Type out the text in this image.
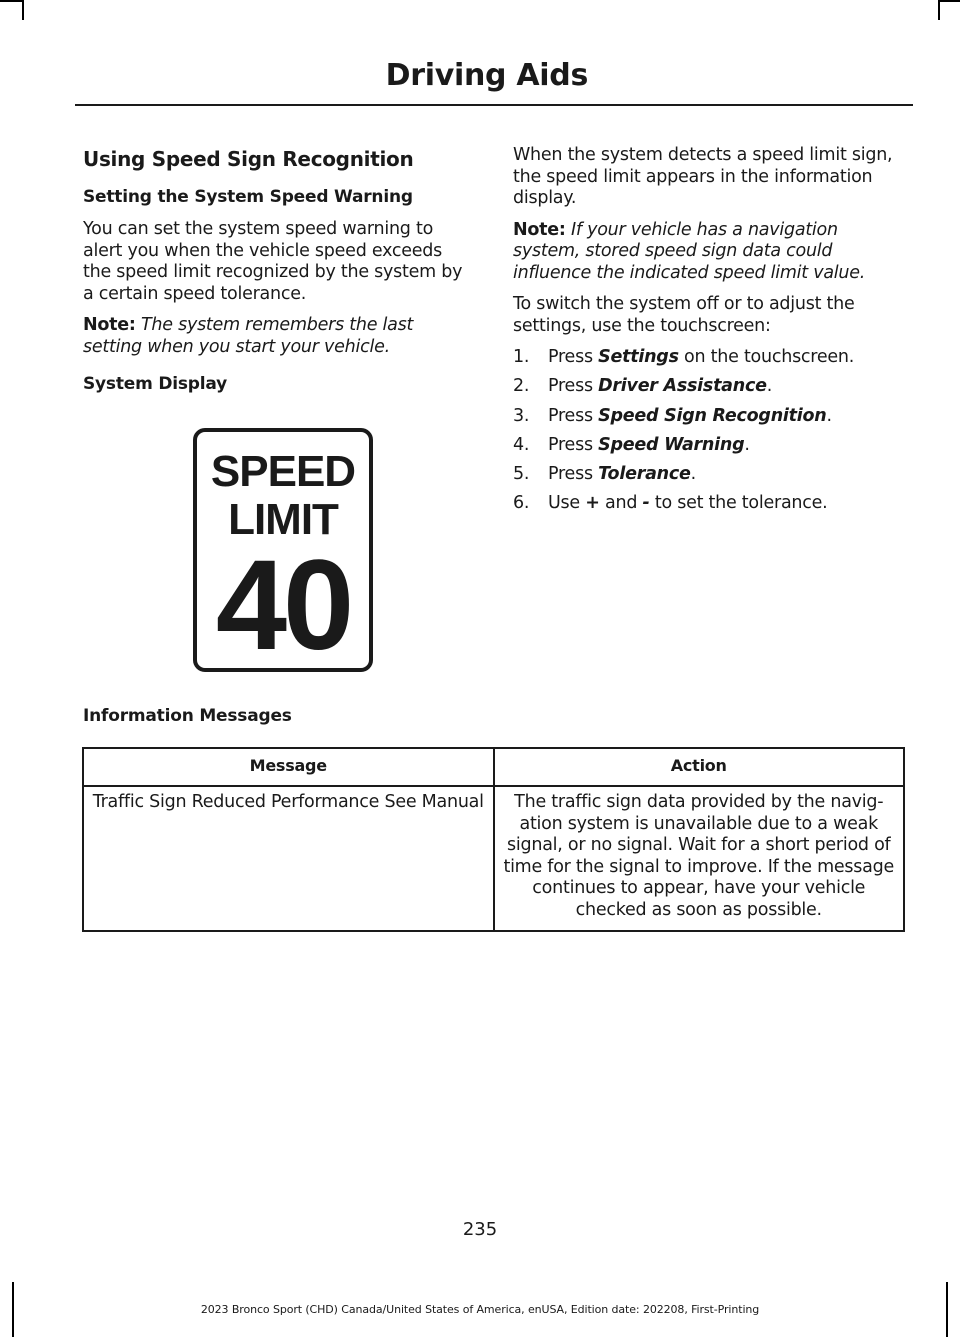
Driving Aids
Using Speed Sign Recognition
Setting the System Speed Warning

You can set the system speed warning to alert you when the vehicle speed exceeds the speed limit recognized by the system by a certain speed tolerance.

Note: The system remembers the last setting when you start your vehicle.

System Display
SPEED
LIMIT
40

When the system detects a speed limit sign, the speed limit appears in the information display.

Note: If your vehicle has a navigation system, stored speed sign data could influence the indicated speed limit value.

To switch the system off or to adjust the settings, use the touchscreen:

1.	Press Settings on the touchscreen.
2.	Press Driver Assistance.
3.	Press Speed Sign Recognition.
4.	Press Speed Warning.
5.	Press Tolerance.
6.	Use + and - to set the tolerance.
Information Messages
Message	Action
Traffic Sign Reduced Performance See Manual	The traffic sign data provided by the navig-ation system is unavailable due to a weak signal, or no signal. Wait for a short period of time for the signal to improve. If the message continues to appear, have your vehicle checked as soon as possible.
235
2023 Bronco Sport (CHD) Canada/United States of America, enUSA, Edition date: 202208, First-Printing
